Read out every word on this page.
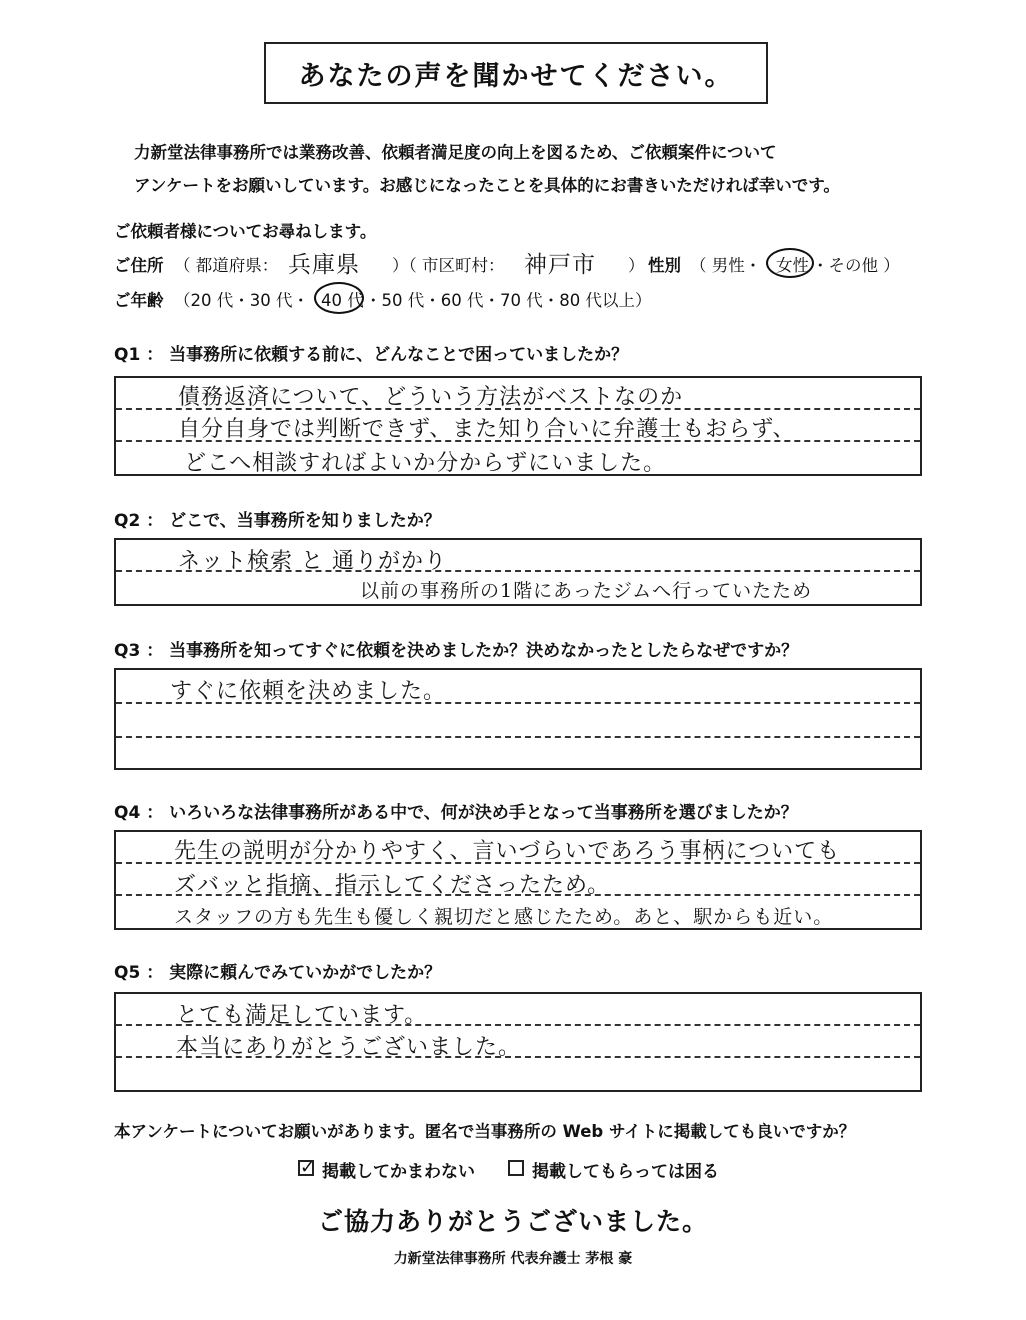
あなたの声を聞かせてください。
力新堂法律事務所では業務改善、依頼者満足度の向上を図るため、ご依頼案件について
アンケートをお願いしています。お感じになったことを具体的にお書きいただければ幸いです。
ご依頼者様についてお尋ねします。
ご住所 （ 都道府県： 兵庫県 ）（ 市区町村： 神戸市 ） 性別 （ 男性・ 女性 ・その他 ）
ご年齢 （20 代・30 代・ 40 代 ・50 代・60 代・70 代・80 代以上）
Q1 ： 当事務所に依頼する前に、どんなことで困っていましたか？
債務返済について、どういう方法がベストなのか
自分自身では判断できず、また知り合いに弁護士もおらず、
どこへ相談すればよいか分からずにいました。
Q2 ： どこで、当事務所を知りましたか？
ネット検索 と 通りがかり
以前の事務所の1階にあったジムへ行っていたため
Q3 ： 当事務所を知ってすぐに依頼を決めましたか？決めなかったとしたらなぜですか？
すぐに依頼を決めました。
Q4 ： いろいろな法律事務所がある中で、何が決め手となって当事務所を選びましたか？
先生の説明が分かりやすく、言いづらいであろう事柄についても
ズバッと指摘、指示してくださったため。
スタッフの方も先生も優しく親切だと感じたため。あと、駅からも近い。
Q5 ： 実際に頼んでみていかがでしたか？
とても満足しています。
本当にありがとうございました。
本アンケートについてお願いがあります。匿名で当事務所の Web サイトに掲載しても良いですか？
✓ 掲載してかまわない	掲載してもらっては困る
ご協力ありがとうございました。
力新堂法律事務所 代表弁護士 茅根 豪
